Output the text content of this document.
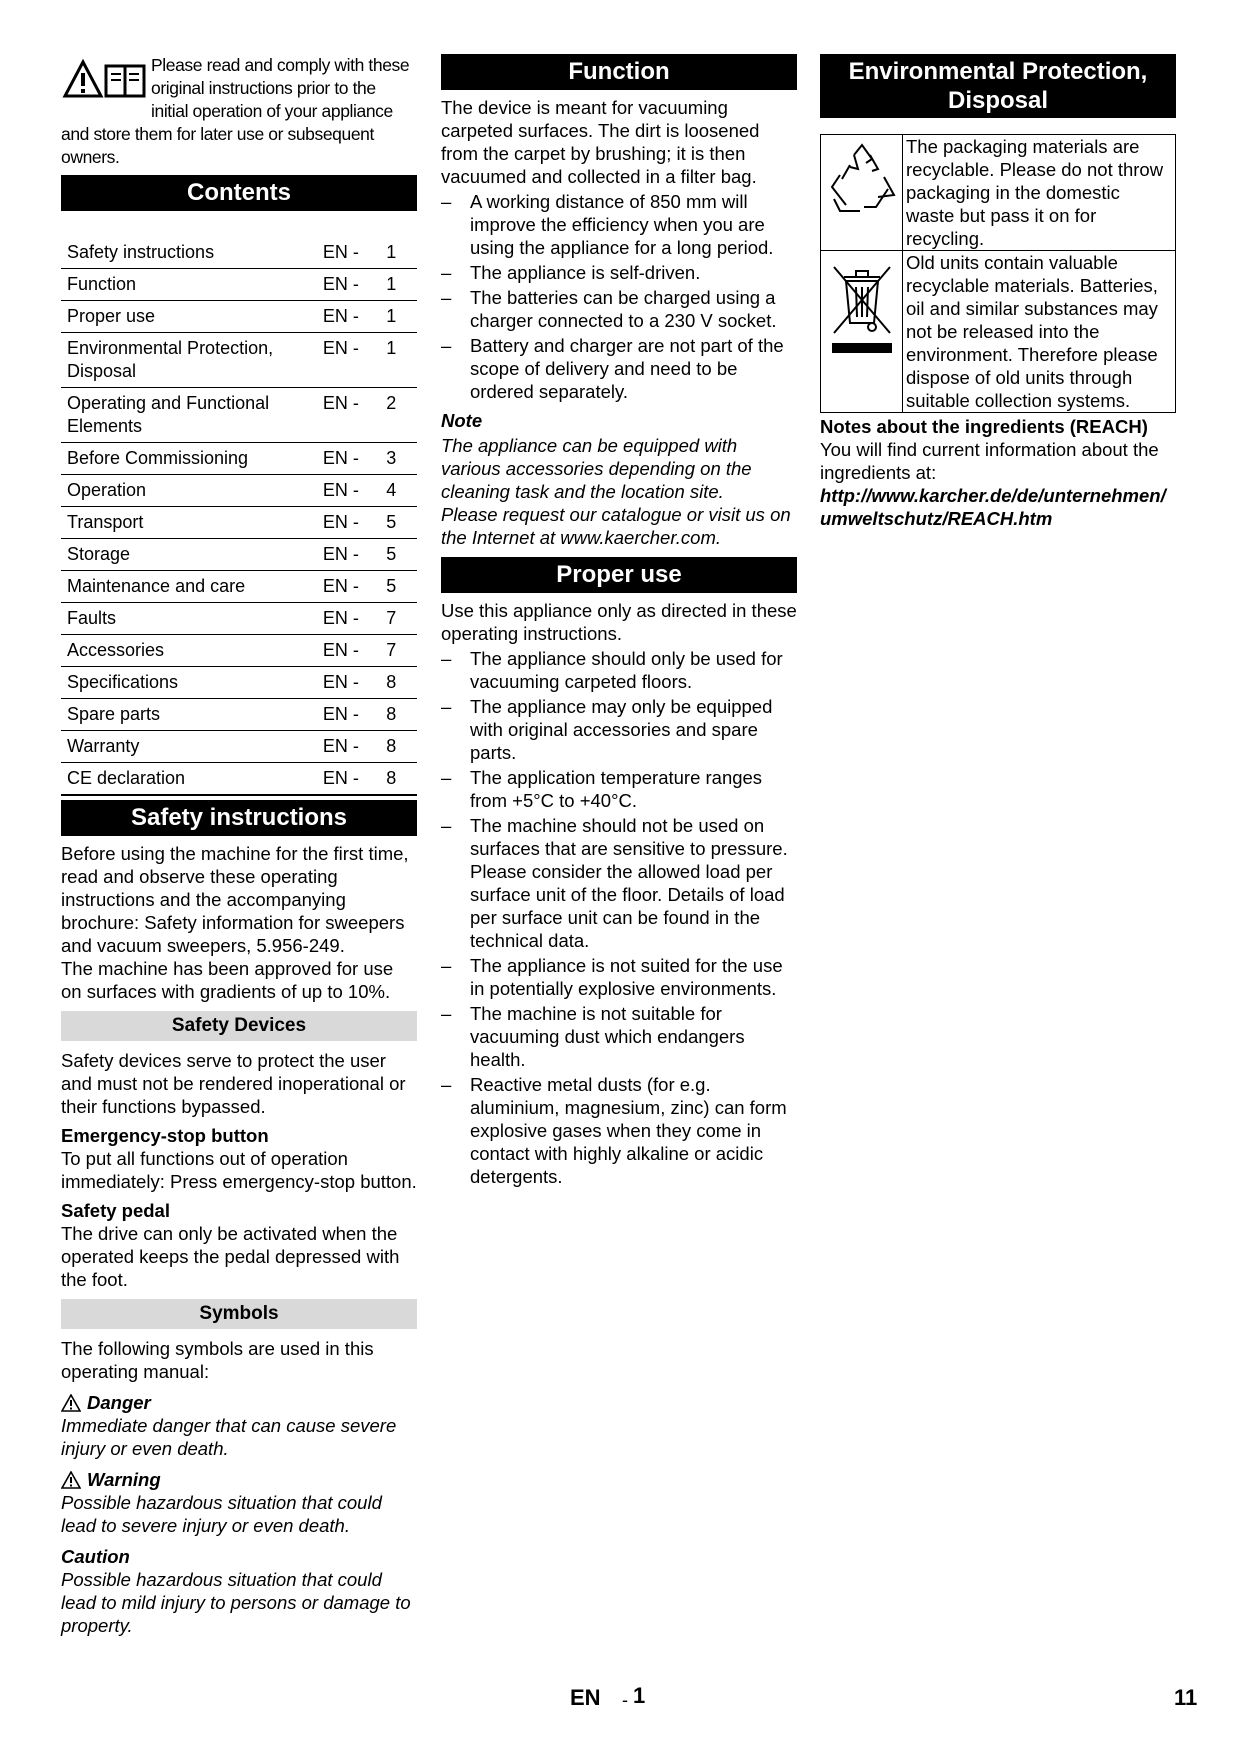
Please read and comply with these original instructions prior to the initial operation of your appliance and store them for later use or subsequent owners.
Contents
Safety instructions	EN -	1
Function	EN -	1
Proper use	EN -	1
Environmental Protection, Disposal	EN -	1
Operating and Functional Elements	EN -	2
Before Commissioning	EN -	3
Operation	EN -	4
Transport	EN -	5
Storage	EN -	5
Maintenance and care	EN -	5
Faults	EN -	7
Accessories	EN -	7
Specifications	EN -	8
Spare parts	EN -	8
Warranty	EN -	8
CE declaration	EN -	8
Safety instructions

Before using the machine for the first time, read and observe these operating instructions and the accompanying brochure: Safety information for sweepers and vacuum sweepers, 5.956-249.

The machine has been approved for use on surfaces with gradients of up to 10%.

Safety Devices

Safety devices serve to protect the user and must not be rendered inoperational or their functions bypassed.

Emergency-stop button

To put all functions out of operation immediately: Press emergency-stop button.

Safety pedal

The drive can only be activated when the operated keeps the pedal depressed with the foot.

Symbols

The following symbols are used in this operating manual:

Danger

Immediate danger that can cause severe injury or even death.

Warning

Possible hazardous situation that could lead to severe injury or even death.

Caution

Possible hazardous situation that could lead to mild injury to persons or damage to property.

Function

The device is meant for vacuuming carpeted surfaces. The dirt is loosened from the carpet by brushing; it is then vacuumed and collected in a filter bag.

– A working distance of 850 mm will improve the efficiency when you are using the appliance for a long period.
– The appliance is self-driven.
– The batteries can be charged using a charger connected to a 230 V socket.
– Battery and charger are not part of the scope of delivery and need to be ordered separately.

Note

The appliance can be equipped with various accessories depending on the cleaning task and the location site.

Please request our catalogue or visit us on the Internet at www.kaercher.com.

Proper use

Use this appliance only as directed in these operating instructions.

– The appliance should only be used for vacuuming carpeted floors.
– The appliance may only be equipped with original accessories and spare parts.
– The application temperature ranges from +5°C to +40°C.
– The machine should not be used on surfaces that are sensitive to pressure. Please consider the allowed load per surface unit of the floor. Details of load per surface unit can be found in the technical data.
– The appliance is not suited for the use in potentially explosive environments.
– The machine is not suitable for vacuuming dust which endangers health.
– Reactive metal dusts (for e.g. aluminium, magnesium, zinc) can form explosive gases when they come in contact with highly alkaline or acidic detergents.
Environmental Protection, Disposal
	The packaging materials are recyclable. Please do not throw packaging in the domestic waste but pass it on for recycling.
	Old units contain valuable recyclable materials. Batteries, oil and similar substances may not be released into the environment. Therefore please dispose of old units through suitable collection systems.

Notes about the ingredients (REACH)

You will find current information about the ingredients at:

http://www.karcher.de/de/unternehmen/umweltschutz/REACH.htm

EN - 1	11
